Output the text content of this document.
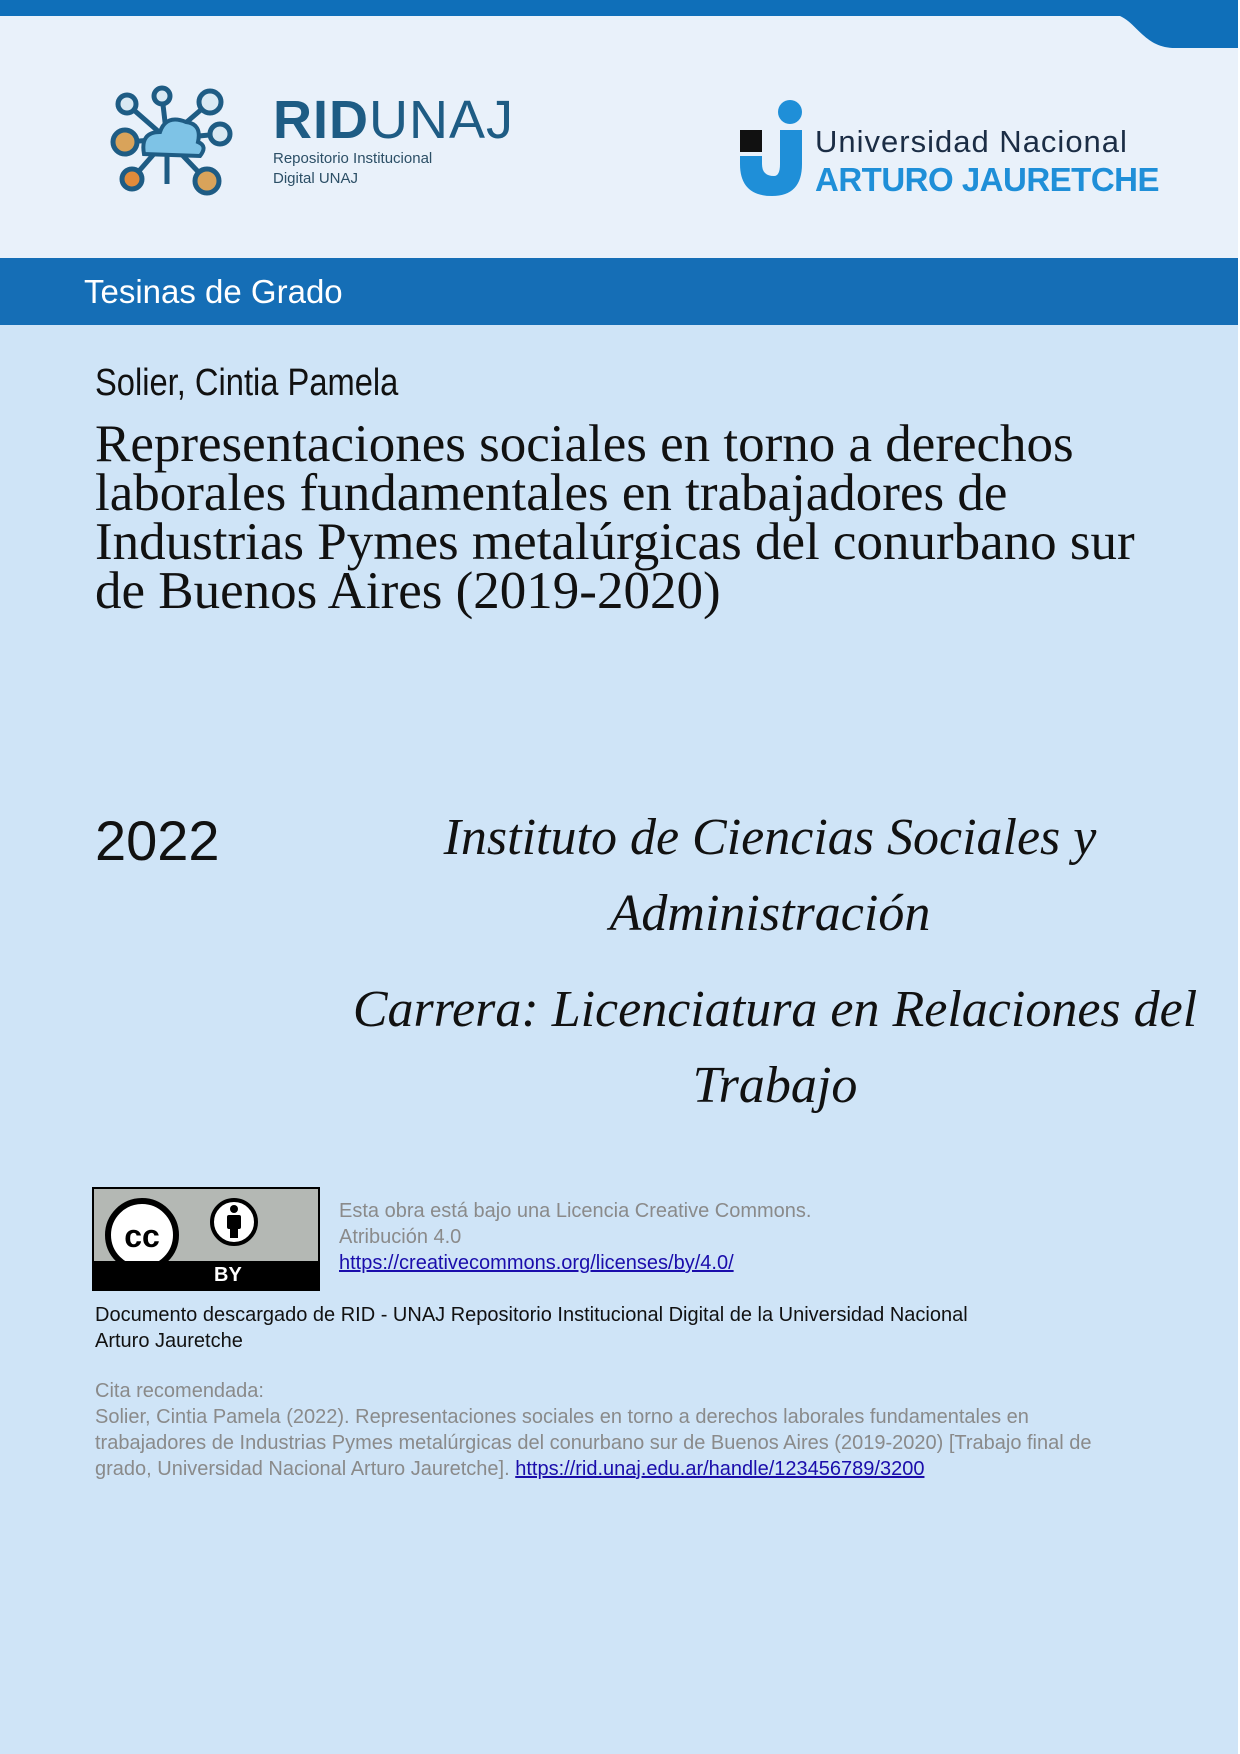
RIDUNAJ
Repositorio Institucional
Digital UNAJ
Universidad Nacional
ARTURO JAURETCHE
Tesinas de Grado
Solier, Cintia Pamela
Representaciones sociales en torno a derechos laborales fundamentales en trabajadores de Industrias Pymes metalúrgicas del conurbano sur de Buenos Aires (2019-2020)
2022	Instituto de Ciencias Sociales y
Administración
Carrera: Licenciatura en Relaciones del
Trabajo
cc
BY
Esta obra está bajo una Licencia Creative Commons.
Atribución 4.0
https://creativecommons.org/licenses/by/4.0/
Documento descargado de RID - UNAJ Repositorio Institucional Digital de la Universidad Nacional Arturo Jauretche
Cita recomendada:
Solier, Cintia Pamela (2022). Representaciones sociales en torno a derechos laborales fundamentales en trabajadores de Industrias Pymes metalúrgicas del conurbano sur de Buenos Aires (2019-2020) [Trabajo final de grado, Universidad Nacional Arturo Jauretche]. https://rid.unaj.edu.ar/handle/123456789/3200
